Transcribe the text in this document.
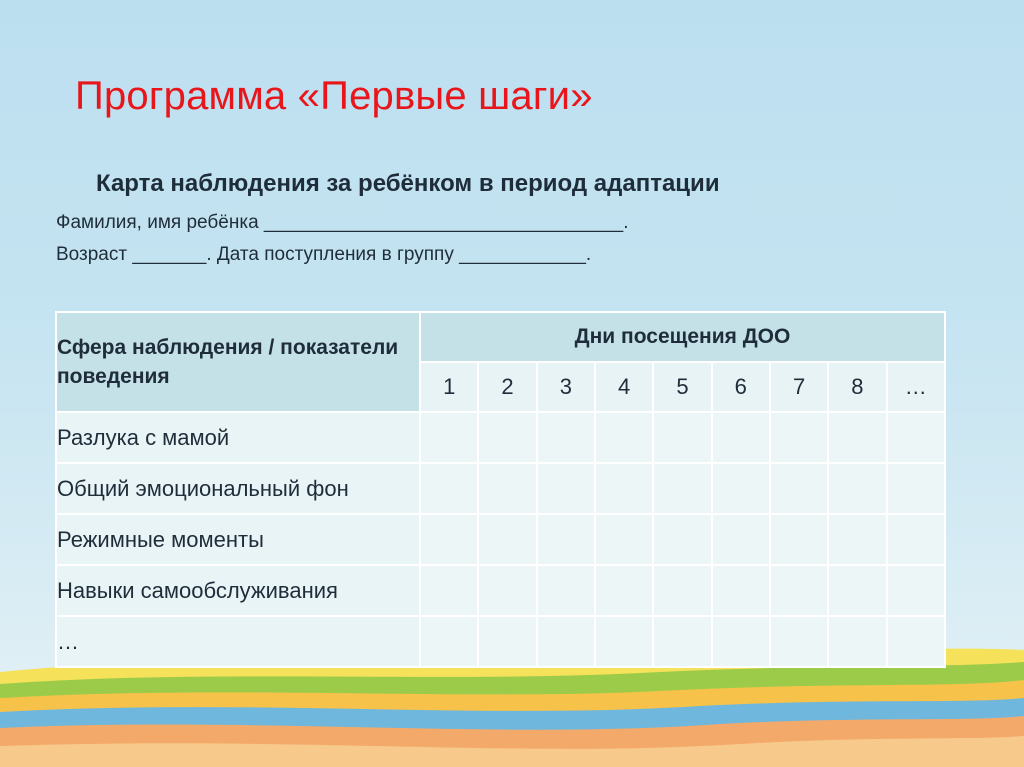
Программа «Первые шаги»
Карта наблюдения за ребёнком в период адаптации

Фамилия, имя ребёнка __________________________________.

Возраст _______. Дата поступления в группу ____________.

Сфера наблюдения / показатели поведения	Дни посещения ДОО								
	1	2	3	4	5	6	7	8	…
Разлука с мамой									
Общий эмоциональный фон									
Режимные моменты									
Навыки самообслуживания									
…									
